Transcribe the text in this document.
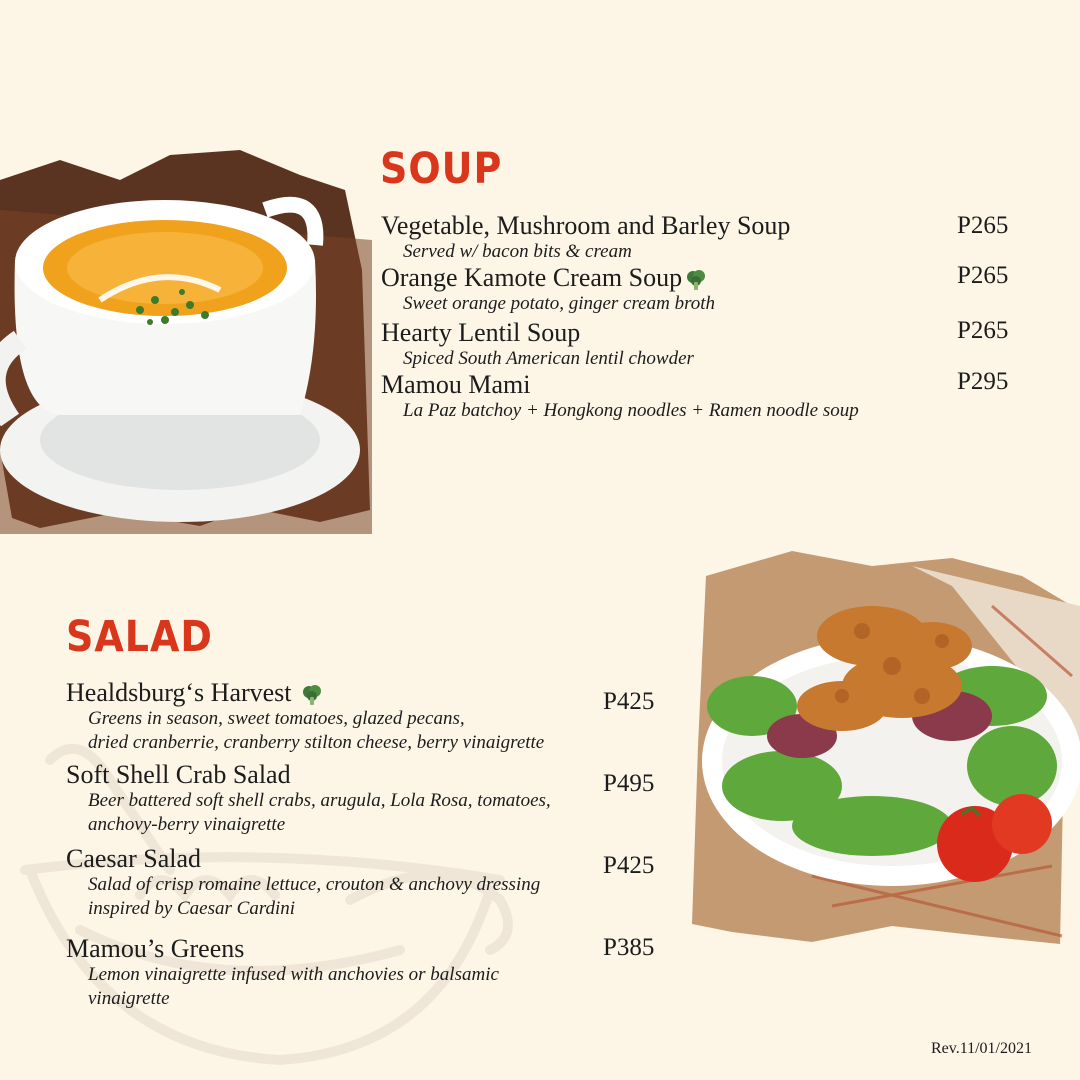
SOUP
Vegetable, Mushroom and Barley Soup
Served w/ bacon bits & cream
P265
Orange Kamote Cream Soup
Sweet orange potato, ginger cream broth
P265
Hearty Lentil Soup
Spiced South American lentil chowder
P265
Mamou Mami
La Paz batchoy + Hongkong noodles + Ramen noodle soup
P295
SALAD
Healdsburg‘s Harvest
Greens in season, sweet tomatoes, glazed pecans,
dried cranberrie, cranberry stilton cheese, berry vinaigrette
P425
Soft Shell Crab Salad
Beer battered soft shell crabs, arugula, Lola Rosa, tomatoes,
anchovy-berry vinaigrette
P495
Caesar Salad
Salad of crisp romaine lettuce, crouton & anchovy dressing
inspired by Caesar Cardini
P425
Mamou’s Greens
Lemon vinaigrette infused with anchovies or balsamic
vinaigrette
P385
Rev.11/01/2021
